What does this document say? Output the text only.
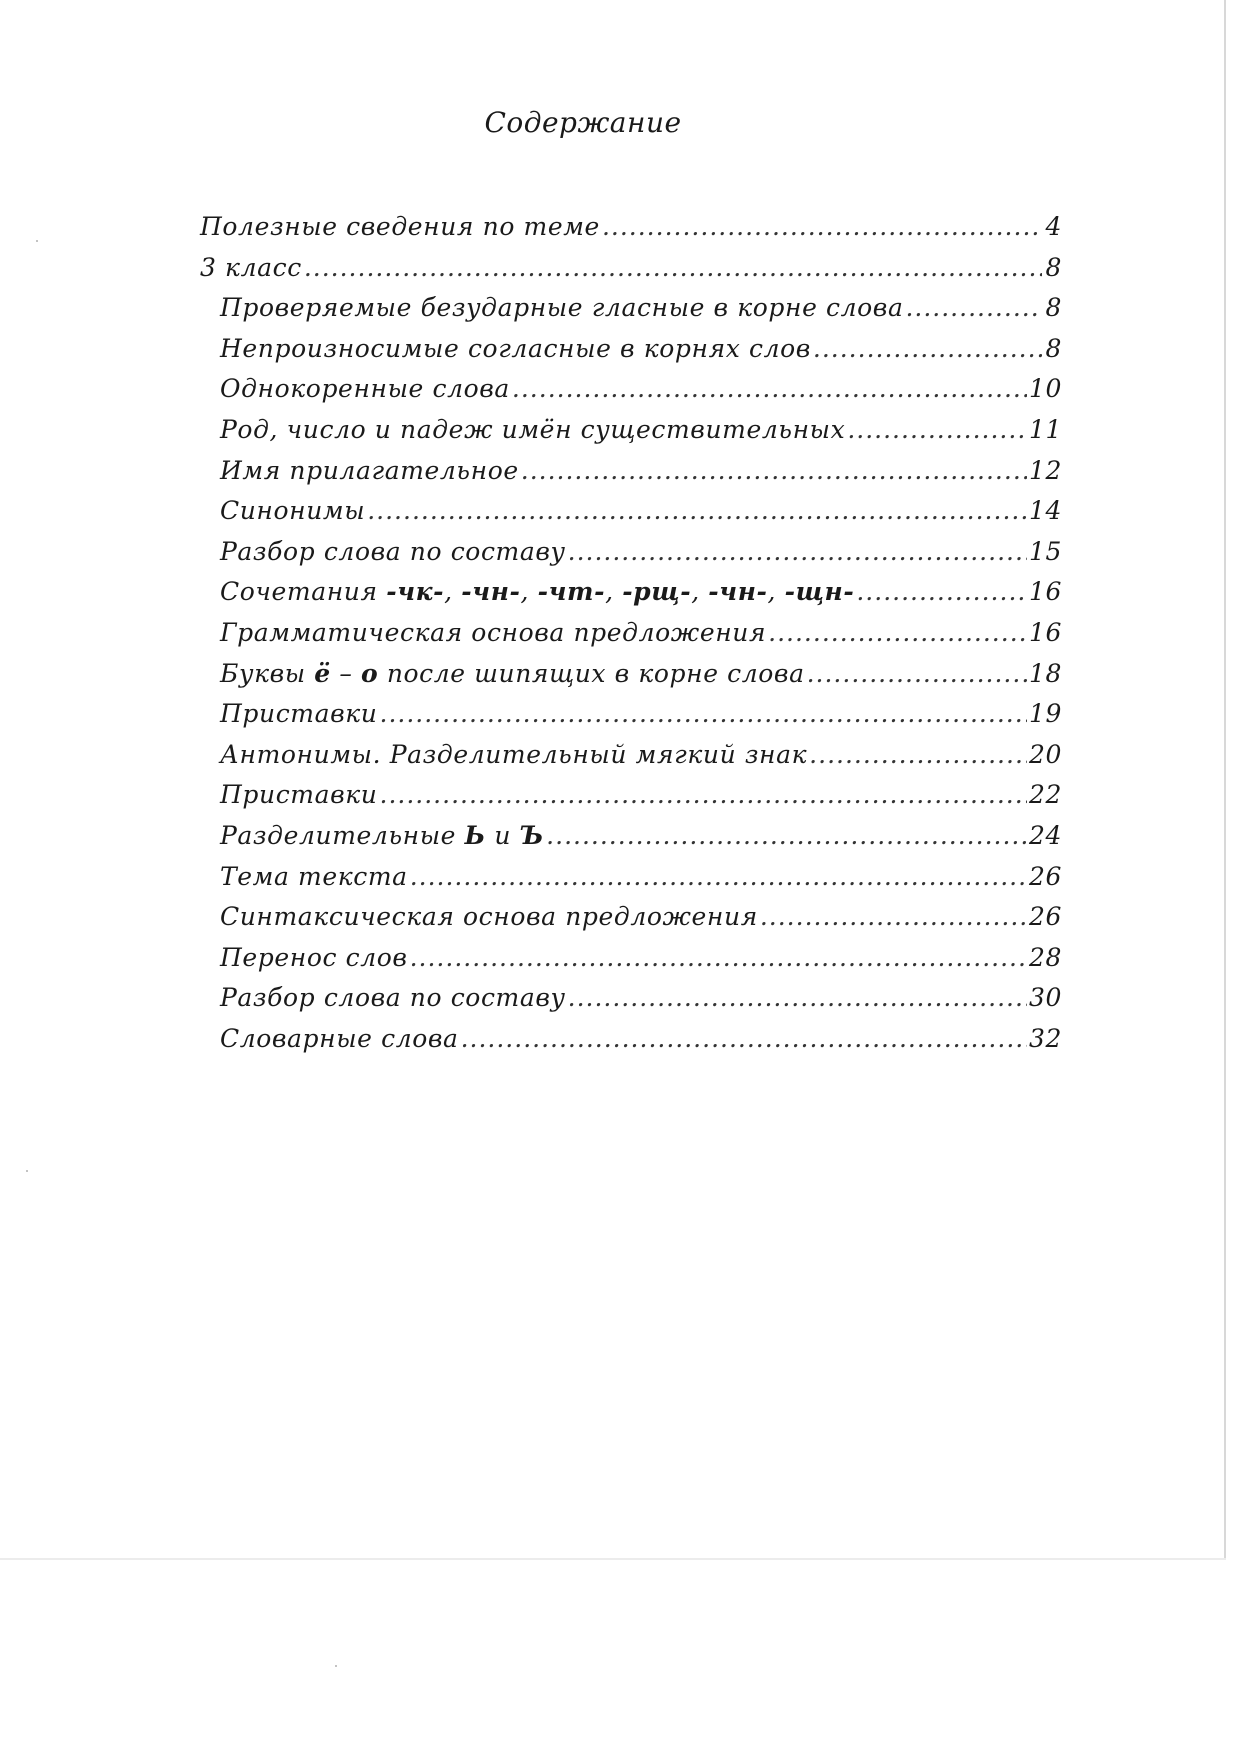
Содержание
Полезные сведения по теме .....	4
3 класс .....	8
Проверяемые безударные гласные в корне слова .....	8
Непроизносимые согласные в корнях слов .....	8
Однокоренные слова .....	10
Род, число и падеж имён существительных .....	11
Имя прилагательное .....	12
Синонимы .....	14
Разбор слова по составу .....	15
Сочетания -чк-, -чн-, -чт-, -рщ-, -чн-, -щн- .....	16
Грамматическая основа предложения .....	16
Буквы ё – о после шипящих в корне слова .....	18
Приставки .....	19
Антонимы. Разделительный мягкий знак .....	20
Приставки .....	22
Разделительные Ь и Ъ .....	24
Тема текста .....	26
Синтаксическая основа предложения .....	26
Перенос слов .....	28
Разбор слова по составу .....	30
Словарные слова .....	32
